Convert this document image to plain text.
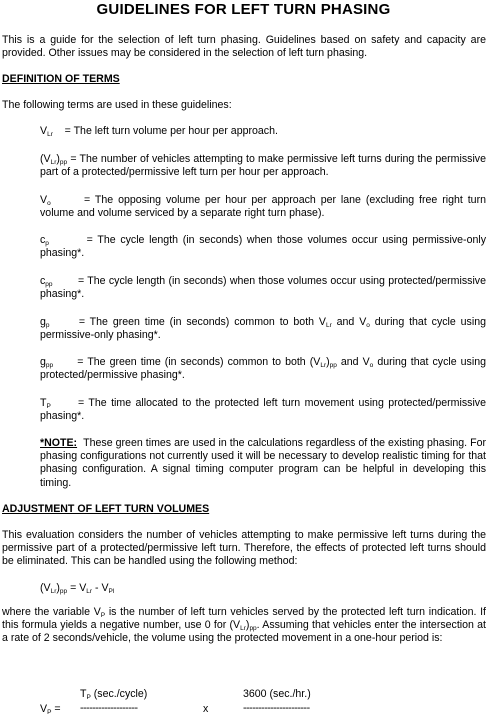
GUIDELINES FOR LEFT TURN PHASING

This is a guide for the selection of left turn phasing. Guidelines based on safety and capacity are provided. Other issues may be considered in the selection of left turn phasing.

DEFINITION OF TERMS

The following terms are used in these guidelines:

$V_{Lr}$ = The left turn volume per hour per approach.

$(V_{Lr})_{pp}$ = The number of vehicles attempting to make permissive left turns during the permissive part of a protected/permissive left turn per hour per approach.

$V_o$	= The opposing volume per hour per approach per lane (excluding free right turn volume and volume serviced by a separate right turn phase).

$c_p$	= The cycle length (in seconds) when those volumes occur using permissive-only phasing*.

$c_{pp}$ = The cycle length (in seconds) when those volumes occur using protected/permissive phasing*.

$g_p$	= The green time (in seconds) common to both $V_{Lr}$ and $V_o$ during that cycle using permissive-only phasing*.

$g_{pp}$ = The green time (in seconds) common to both $(V_{Lr})_{pp}$ and $V_o$ during that cycle using protected/permissive phasing*.

$T_P$	= The time allocated to the protected left turn movement using protected/permissive phasing*.

*NOTE: These green times are used in the calculations regardless of the existing phasing. For phasing configurations not currently used it will be necessary to develop realistic timing for that phasing configuration. A signal timing computer program can be helpful in developing this timing.

ADJUSTMENT OF LEFT TURN VOLUMES

This evaluation considers the number of vehicles attempting to make permissive left turns during the permissive part of a protected/permissive left turn. Therefore, the effects of protected left turns should be eliminated. This can be handled using the following method:

$(V_{Lr})_{pp} = V_{Lr} - V_{Pl}$

where the variable $V_P$ is the number of left turn vehicles served by the protected left turn indication. If this formula yields a negative number, use 0 for $(V_{Lr})_{pp}$. Assuming that vehicles enter the intersection at a rate of 2 seconds/vehicle, the volume using the protected movement in a one-hour period is:

$T_P$ (sec./cycle)	3600 (sec./hr.)

$V_P$ = -------------------	x	----------------------
